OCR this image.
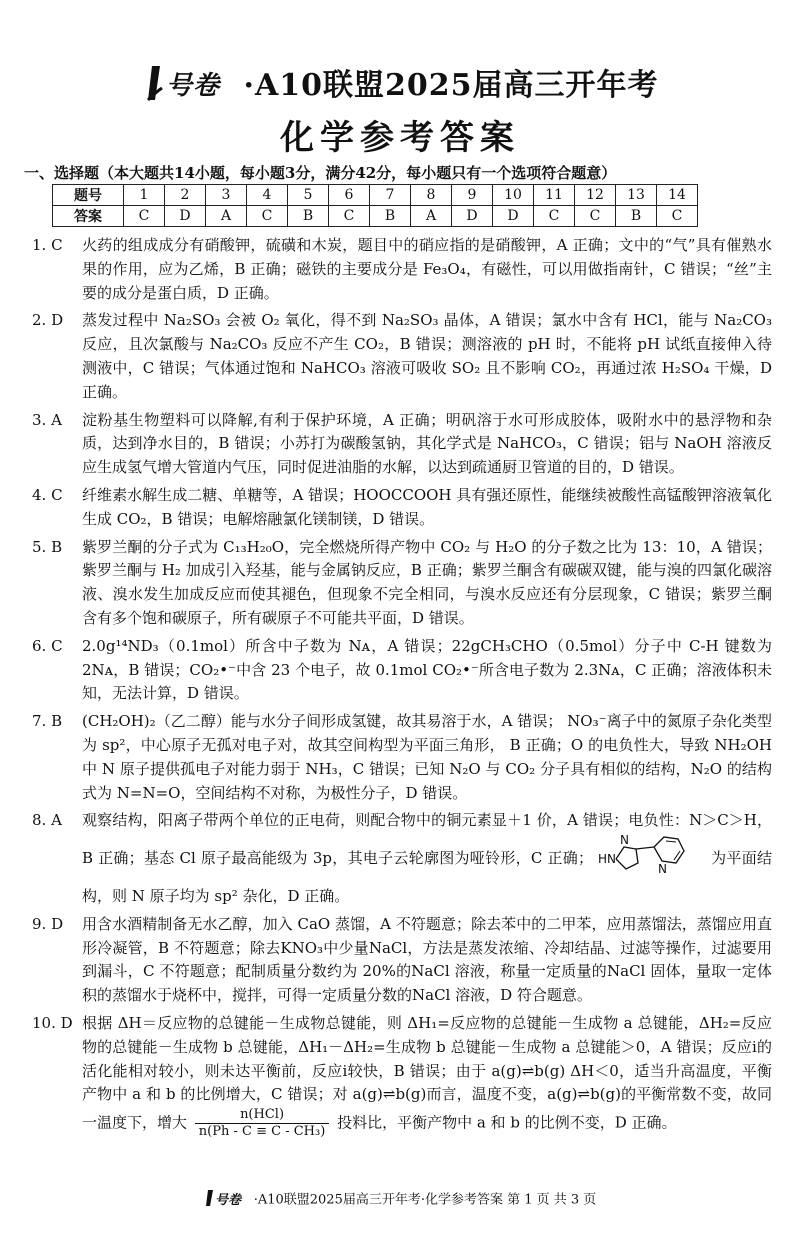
号卷 ·A10联盟2025届高三开年考
化学参考答案
一、选择题（本大题共14小题，每小题3分，满分42分，每小题只有一个选项符合题意）
题号	1	2	3	4	5	6	7	8	9	10	11	12	13	14
答案	C	D	A	C	B	C	B	A	D	D	C	C	B	C
1. C	火药的组成成分有硝酸钾，硫磺和木炭，题目中的硝应指的是硝酸钾，A 正确；文中的“气”具有催熟水果的作用，应为乙烯，B 正确；磁铁的主要成分是 Fe₃O₄，有磁性，可以用做指南针，C 错误；“丝”主要的成分是蛋白质，D 正确。
2. D	蒸发过程中 Na₂SO₃ 会被 O₂ 氧化，得不到 Na₂SO₃ 晶体，A 错误；氯水中含有 HCl，能与 Na₂CO₃ 反应，且次氯酸与 Na₂CO₃ 反应不产生 CO₂，B 错误；测溶液的 pH 时，不能将 pH 试纸直接伸入待测液中，C 错误；气体通过饱和 NaHCO₃ 溶液可吸收 SO₂ 且不影响 CO₂，再通过浓 H₂SO₄ 干燥，D 正确。
3. A	淀粉基生物塑料可以降解,有利于保护环境，A 正确；明矾溶于水可形成胶体，吸附水中的悬浮物和杂质，达到净水目的，B 错误；小苏打为碳酸氢钠，其化学式是 NaHCO₃，C 错误；铝与 NaOH 溶液反应生成氢气增大管道内气压，同时促进油脂的水解，以达到疏通厨卫管道的目的，D 错误。
4. C	纤维素水解生成二糖、单糖等，A 错误；HOOCCOOH 具有强还原性，能继续被酸性高锰酸钾溶液氧化生成 CO₂，B 错误；电解熔融氯化镁制镁，D 错误。
5. B	紫罗兰酮的分子式为 C₁₃H₂₀O，完全燃烧所得产物中 CO₂ 与 H₂O 的分子数之比为 13：10，A 错误；紫罗兰酮与 H₂ 加成引入羟基，能与金属钠反应，B 正确；紫罗兰酮含有碳碳双键，能与溴的四氯化碳溶液、溴水发生加成反应而使其褪色，但现象不完全相同，与溴水反应还有分层现象，C 错误；紫罗兰酮含有多个饱和碳原子，所有碳原子不可能共平面，D 错误。
6. C	2.0g¹⁴ND₃（0.1mol）所含中子数为 Nᴀ，A 错误；22gCH₃CHO（0.5mol）分子中 C-H 键数为 2Nᴀ，B 错误；CO₂•⁻中含 23 个电子，故 0.1mol CO₂•⁻所含电子数为 2.3Nᴀ，C 正确；溶液体积未知，无法计算，D 错误。
7. B	(CH₂OH)₂（乙二醇）能与水分子间形成氢键，故其易溶于水，A 错误； NO₃⁻离子中的氮原子杂化类型为 sp²，中心原子无孤对电子对，故其空间构型为平面三角形， B 正确；O 的电负性大，导致 NH₂OH 中 N 原子提供孤电子对能力弱于 NH₃，C 错误；已知 N₂O 与 CO₂ 分子具有相似的结构，N₂O 的结构式为 N=N=O，空间结构不对称，为极性分子，D 错误。
8. A	观察结构，阳离子带两个单位的正电荷，则配合物中的铜元素显＋1 价，A 错误；电负性：N＞C＞H，B 正确；基态 Cl 原子最高能级为 3p，其电子云轮廓图为哑铃形，C 正确； HN
N
N
为平面结构，则 N 原子均为 sp² 杂化，D 正确。
9. D	用含水酒精制备无水乙醇，加入 CaO 蒸馏，A 不符题意；除去苯中的二甲苯，应用蒸馏法，蒸馏应用直形冷凝管，B 不符题意；除去KNO₃中少量NaCl，方法是蒸发浓缩、冷却结晶、过滤等操作，过滤要用到漏斗，C 不符题意；配制质量分数约为 20%的NaCl 溶液，称量一定质量的NaCl 固体，量取一定体积的蒸馏水于烧杯中，搅拌，可得一定质量分数的NaCl 溶液，D 符合题意。
10. D 根据 ΔH＝反应物的总键能－生成物总键能，则 ΔH₁=反应物的总键能－生成物 a 总键能，ΔH₂=反应物的总键能－生成物 b 总键能，ΔH₁－ΔH₂=生成物 b 总键能－生成物 a 总键能＞0，A 错误；反应i的活化能相对较小，则未达平衡前，反应i较快，B 错误；由于 a(g)⇌b(g) ΔH＜0，适当升高温度，平衡产物中 a 和 b 的比例增大，C 错误；对 a(g)⇌b(g)而言，温度不变，a(g)⇌b(g)的平衡常数不变，故同一温度下，增大 $\frac{\text{n(HCl)}}{\text{n(Ph - C ≡ C - CH₃)}}$ 投料比，平衡产物中 a 和 b 的比例不变，D 正确。
号卷 ·A10联盟2025届高三开年考·化学参考答案 第 1 页 共 3 页
